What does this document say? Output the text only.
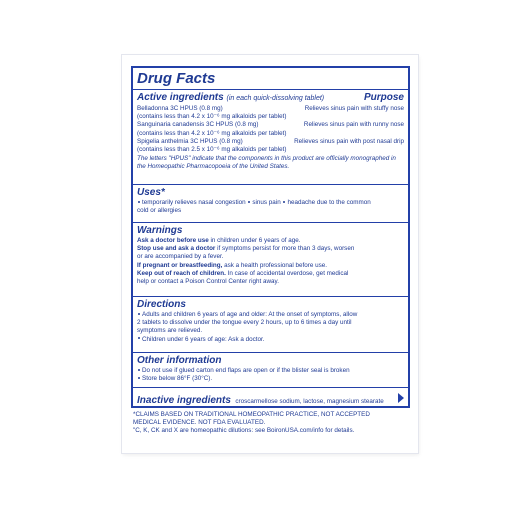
Drug Facts
Active ingredients (in each quick-dissolving tablet)	Purpose
Belladonna 3C HPUS (0.8 mg)	Relieves sinus pain with stuffy nose
(contains less than 4.2 x 10⁻⁶ mg alkaloids per tablet)
Sanguinaria canadensis 3C HPUS (0.8 mg)	Relieves sinus pain with runny nose
(contains less than 4.2 x 10⁻⁶ mg alkaloids per tablet)
Spigelia anthelmia 3C HPUS (0.8 mg)	Relieves sinus pain with post nasal drip
(contains less than 2.5 x 10⁻⁶ mg alkaloids per tablet)
The letters "HPUS" indicate that the components in this product are officially monographed in the Homeopathic Pharmacopoeia of the United States.
Uses*
temporarily relieves nasal congestion sinus pain headache due to the common
cold or allergies
Warnings
Ask a doctor before use in children under 6 years of age.
Stop use and ask a doctor if symptoms persist for more than 3 days, worsen
or are accompanied by a fever.
If pregnant or breastfeeding, ask a health professional before use.
Keep out of reach of children. In case of accidental overdose, get medical
help or contact a Poison Control Center right away.
Directions
Adults and children 6 years of age and older: At the onset of symptoms, allow
2 tablets to dissolve under the tongue every 2 hours, up to 6 times a day until
symptoms are relieved.
Children under 6 years of age: Ask a doctor.
Other information
Do not use if glued carton end flaps are open or if the blister seal is broken
Store below 86°F (30°C).
Inactive ingredients croscarmellose sodium, lactose, magnesium stearate
*CLAIMS BASED ON TRADITIONAL HOMEOPATHIC PRACTICE, NOT ACCEPTED
MEDICAL EVIDENCE. NOT FDA EVALUATED.
"C, K, CK and X are homeopathic dilutions: see BoironUSA.com/info for details.
